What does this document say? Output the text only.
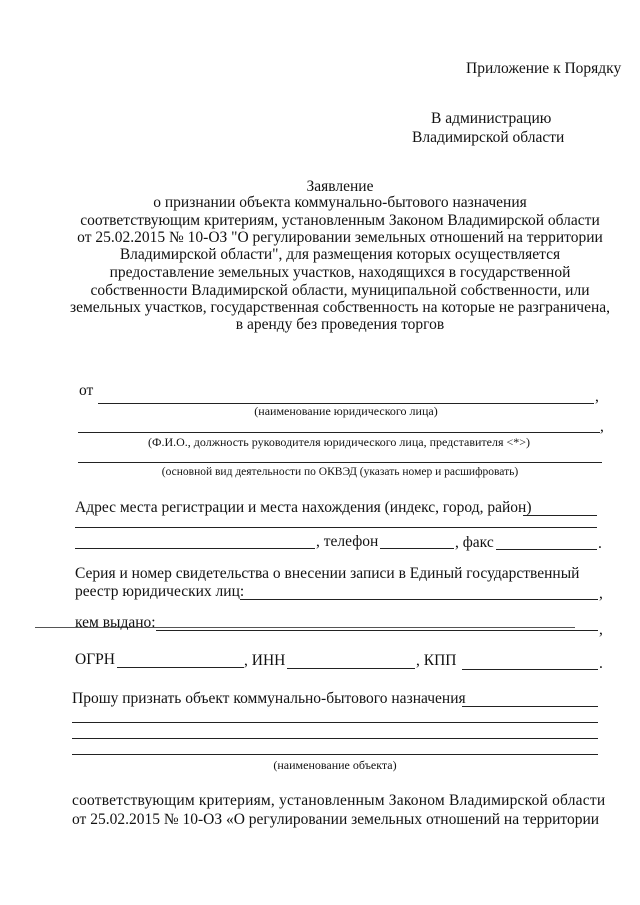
Приложение к Порядку
В администрацию
Владимирской области
Заявление
о признании объекта коммунально-бытового назначения
соответствующим критериям, установленным Законом Владимирской области
от 25.02.2015 № 10-ОЗ "О регулировании земельных отношений на территории
Владимирской области", для размещения которых осуществляется
предоставление земельных участков, находящихся в государственной
собственности Владимирской области, муниципальной собственности, или
земельных участков, государственная собственность на которые не разграничена,
в аренду без проведения торгов
от	,
(наименование юридического лица)
,
(Ф.И.О., должность руководителя юридического лица, представителя <*>)
(основной вид деятельности по ОКВЭД (указать номер и расшифровать)
Адрес места регистрации и места нахождения (индекс, город, район)
, телефон	, факс	.
Серия и номер свидетельства о внесении записи в Единый государственный
реестр юридических лиц:	,
кем выдано:	,
ОГРН	, ИНН	, КПП	.
Прошу признать объект коммунально-бытового назначения
(наименование объекта)
соответствующим критериям, установленным Законом Владимирской области
от 25.02.2015 № 10-ОЗ «О регулировании земельных отношений на территории
